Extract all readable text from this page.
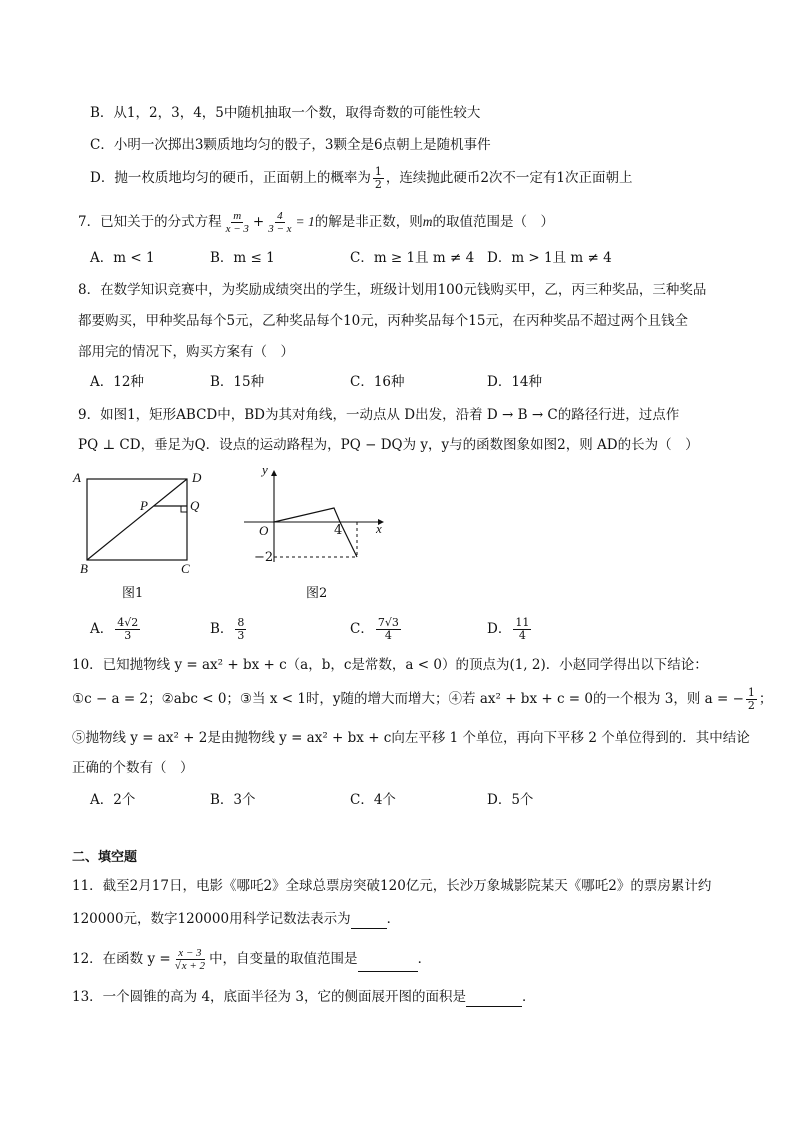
B．从1，2，3，4，5中随机抽取一个数，取得奇数的可能性较大
C．小明一次掷出3颗质地均匀的骰子，3颗全是6点朝上是随机事件
D．抛一枚质地均匀的硬币，正面朝上的概率为 $\frac{1}{2}$ ，连续抛此硬币2次不一定有1次正面朝上
7．已知关于的分式方程 $\frac{m}{x - 3} + \frac{4}{3 - x} = 1$的解是非正数，则m的取值范围是（　）
A．m < 1	B．m ≤ 1	C．m ≥ 1且 m ≠ 4 D．m > 1且 m ≠ 4
8．在数学知识竞赛中，为奖励成绩突出的学生，班级计划用100元钱购买甲，乙，丙三种奖品，三种奖品
都要购买，甲种奖品每个5元，乙种奖品每个10元，丙种奖品每个15元，在丙种奖品不超过两个且钱全
部用完的情况下，购买方案有（　）
A．12种	B．15种	C．16种	D．14种
9．如图1，矩形ABCD中，BD为其对角线，一动点从 D出发，沿着 D → B → C的路径行进，过点作
PQ ⊥ CD，垂足为Q．设点的运动路程为，PQ − DQ为 y，y与的函数图象如图2，则 AD的长为（　）
A	D
P	Q
B	C
图1
y
x
O	4
−2
图2
A． $\frac{4√2}{3}$	B． $\frac{8}{3}$	C． $\frac{7√3}{4}$	D． $\frac{11}{4}$
10．已知抛物线 y = ax² + bx + c（a，b，c是常数，a < 0）的顶点为(1, 2)．小赵同学得出以下结论：
①c − a = 2；②abc < 0；③当 x < 1时，y随的增大而增大；④若 ax² + bx + c = 0的一个根为 3，则 a = − $\frac{1}{2}$ ；
⑤抛物线 y = ax² + 2是由抛物线 y = ax² + bx + c向左平移 1 个单位，再向下平移 2 个单位得到的．其中结论
正确的个数有（　）
A．2个	B．3个	C．4个	D．5个
二、填空题
11．截至2月17日，电影《哪吒2》全球总票房突破120亿元，长沙万象城影院某天《哪吒2》的票房累计约
120000元，数字120000用科学记数法表示为	．
12．在函数 $y = \frac{x - 3}{√x + 2}$ 中，自变量的取值范围是	．
13．一个圆锥的高为 4，底面半径为 3，它的侧面展开图的面积是	．
